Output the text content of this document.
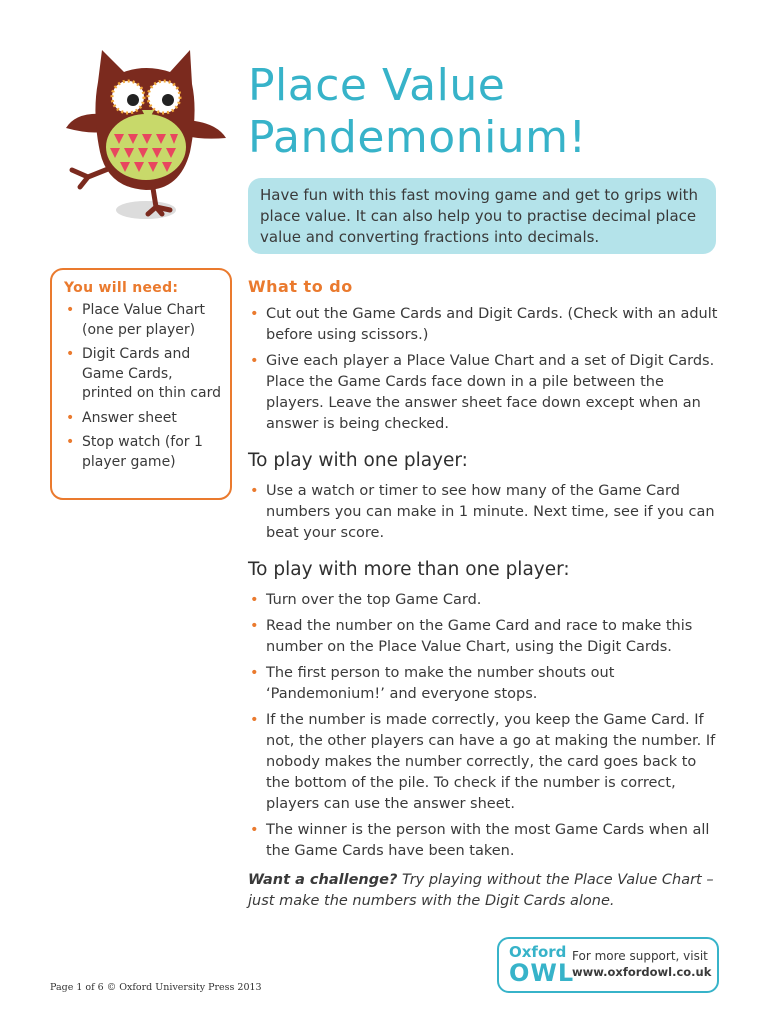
Place Value
Pandemonium!
Have fun with this fast moving game and get to grips with place value. It can also help you to practise decimal place value and converting fractions into decimals.
You will need:
• Place Value Chart (one per player)
• Digit Cards and Game Cards, printed on thin card
• Answer sheet
• Stop watch (for 1 player game)
What to do
• Cut out the Game Cards and Digit Cards. (Check with an adult before using scissors.)
• Give each player a Place Value Chart and a set of Digit Cards. Place the Game Cards face down in a pile between the players. Leave the answer sheet face down except when an answer is being checked.
To play with one player:
• Use a watch or timer to see how many of the Game Card numbers you can make in 1 minute. Next time, see if you can beat your score.
To play with more than one player:
• Turn over the top Game Card.
• Read the number on the Game Card and race to make this number on the Place Value Chart, using the Digit Cards.
• The first person to make the number shouts out ‘Pandemonium!’ and everyone stops.
• If the number is made correctly, you keep the Game Card. If not, the other players can have a go at making the number. If nobody makes the number correctly, the card goes back to the bottom of the pile. To check if the number is correct, players can use the answer sheet.
• The winner is the person with the most Game Cards when all the Game Cards have been taken.

Want a challenge? Try playing without the Place Value Chart – just make the numbers with the Digit Cards alone.

Page 1 of 6 © Oxford University Press 2013
Oxford
OWL
For more support, visit
www.oxfordowl.co.uk
